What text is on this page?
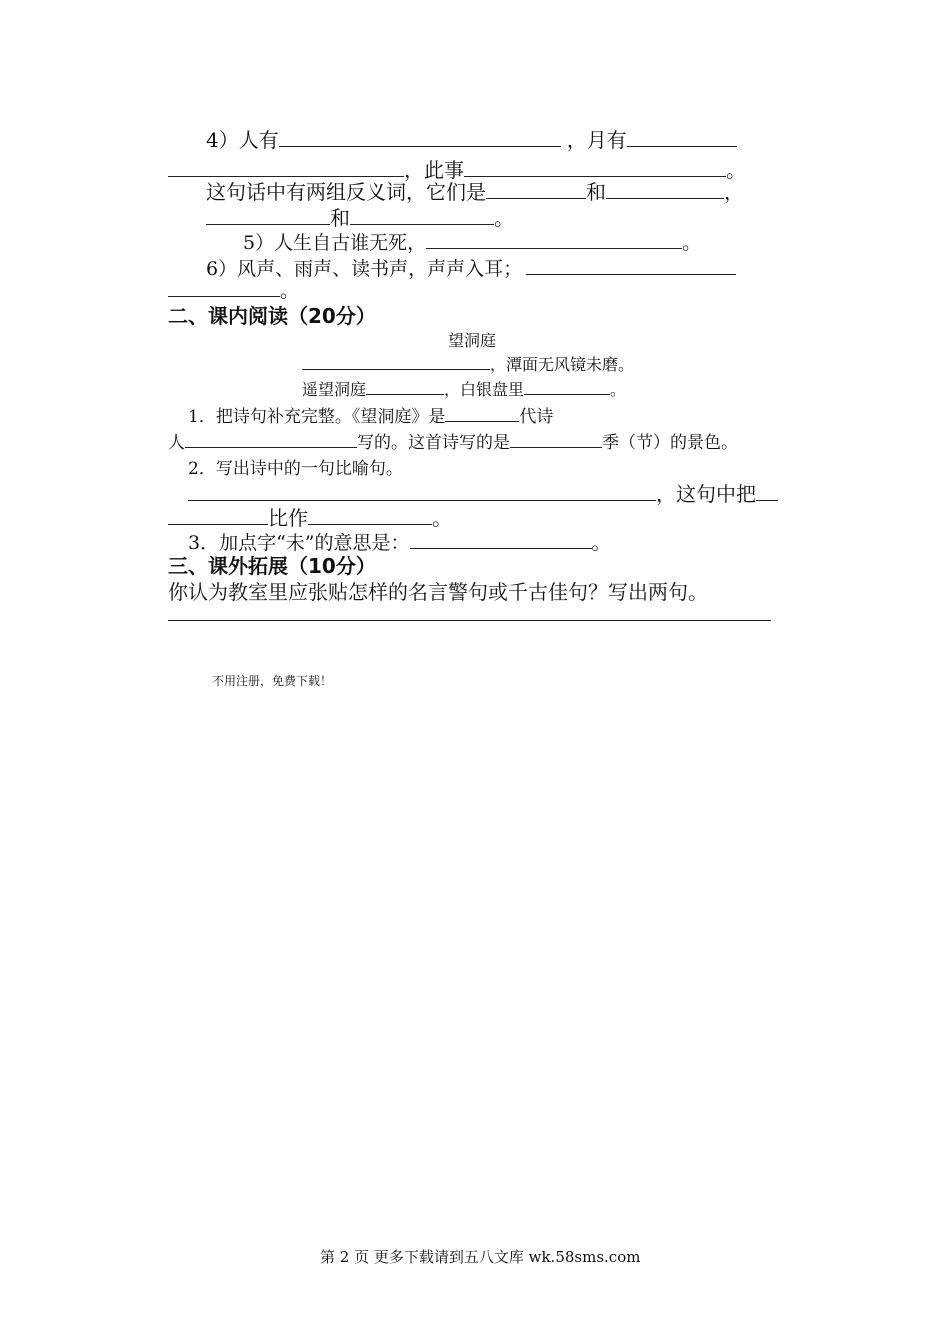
4）人有	，月有
，此事	。
这句话中有两组反义词，它们是	和	，
和	。
5）人生自古谁无死，	。
6）风声、雨声、读书声，声声入耳；
。
二、课内阅读（20分）
望洞庭
，潭面无风镜未磨。
遥望洞庭	，白银盘里	。
1．把诗句补充完整。《望洞庭》是	代诗
人	写的。这首诗写的是	季（节）的景色。
2．写出诗中的一句比喻句。
，这句中把
比作	。
3．加点字“未”的意思是：	。
三、课外拓展（10分）
你认为教室里应张贴怎样的名言警句或千古佳句？写出两句。
不用注册，免费下载！
第 2 页 更多下载请到五八文库 wk.58sms.com
